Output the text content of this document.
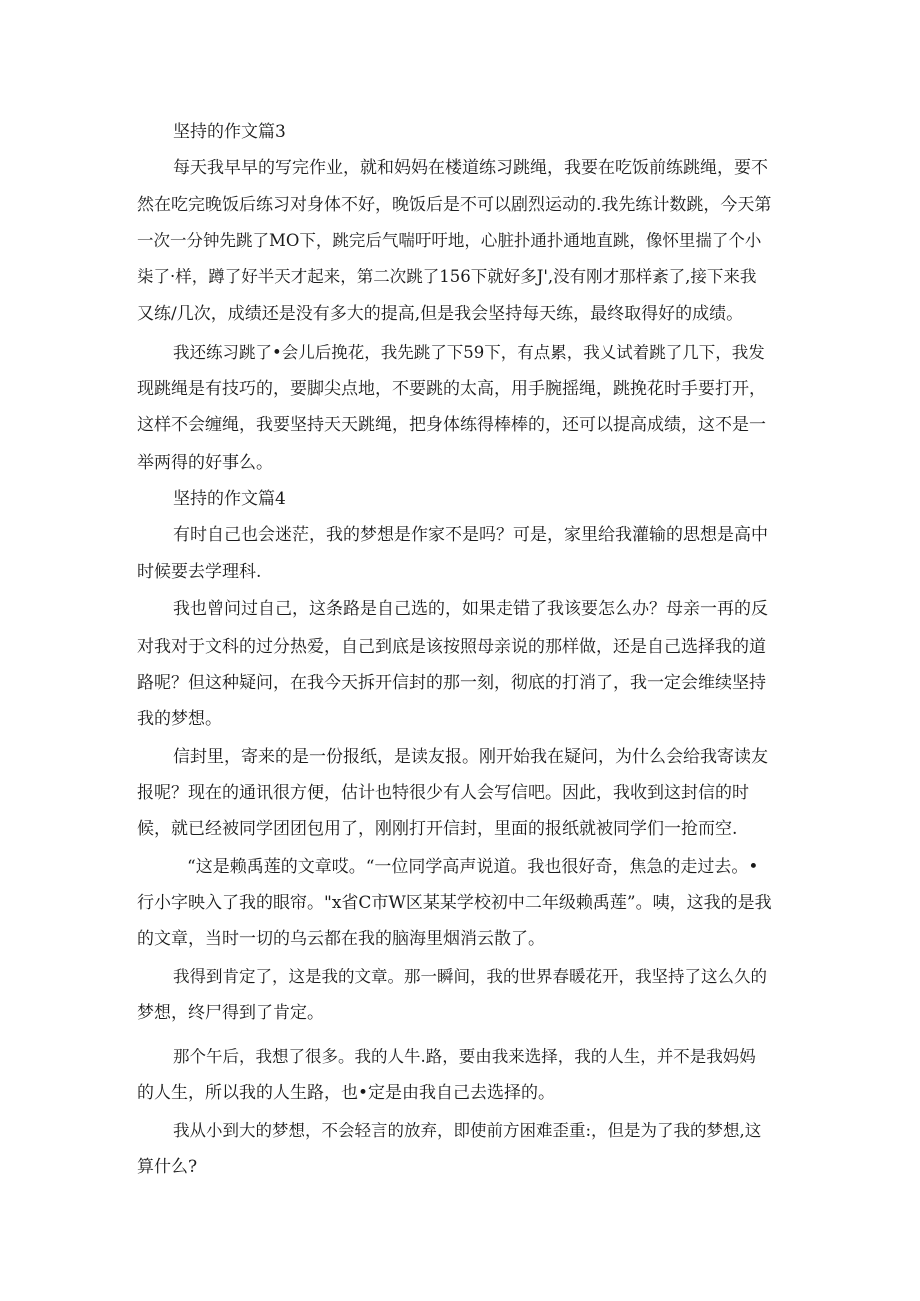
坚持的作文篇3
每天我早早的写完作业，就和妈妈在楼道练习跳绳，我要在吃饭前练跳绳，要不
然在吃完晚饭后练习对身体不好，晚饭后是不可以剧烈运动的.我先练计数跳，今天第
一次一分钟先跳了MO下，跳完后气喘吁吁地，心脏扑通扑通地直跳，像怀里揣了个小
柒了·样，蹲了好半天才起来，第二次跳了156下就好多J',没有刚才那样紊了,接下来我
又练/几次，成绩还是没有多大的提高,但是我会坚持每天练，最终取得好的成绩。
我还练习跳了•会儿后挽花，我先跳了下59下，有点累，我乂试着跳了几下，我发
现跳绳是有技巧的，要脚尖点地，不要跳的太高，用手腕摇绳，跳挽花时手要打开，
这样不会缠绳，我要坚持天天跳绳，把身体练得棒棒的，还可以提高成绩，这不是一
举两得的好事么。
坚持的作文篇4
有时自己也会迷茫，我的梦想是作家不是吗？可是，家里给我灌输的思想是高中
时候要去学理科.
我也曾问过自己，这条路是自己选的，如果走错了我该要怎么办？母亲一再的反
对我对于文科的过分热爱，自己到底是该按照母亲说的那样做，还是自己选择我的道
路呢？但这种疑问，在我今天拆开信封的那一刻，彻底的打消了，我一定会维续坚持
我的梦想。
信封里，寄来的是一份报纸，是读友报。刚开始我在疑问，为什么会给我寄读友
报呢？现在的通讯很方便，估计也特很少有人会写信吧。因此，我收到这封信的时
候，就已经被同学团团包用了，刚刚打开信封，里面的报纸就被同学们一抢而空.
“这是赖禹莲的文章哎。“一位同学高声说道。我也很好奇，焦急的走过去。•
行小字映入了我的眼帘。"x省C市W区某某学校初中二年级赖禹莲”。咦，这我的是我
的文章，当时一切的乌云都在我的脑海里烟消云散了。
我得到肯定了，这是我的文章。那一瞬间，我的世界春暖花开，我坚持了这么久的
梦想，终尸得到了肯定。
那个午后，我想了很多。我的人牛.路，要由我来选择，我的人生，并不是我妈妈
的人生，所以我的人生路，也•定是由我自己去选择的。
我从小到大的梦想，不会轻言的放弃，即使前方困难歪重:，但是为了我的梦想,这
算什么?
